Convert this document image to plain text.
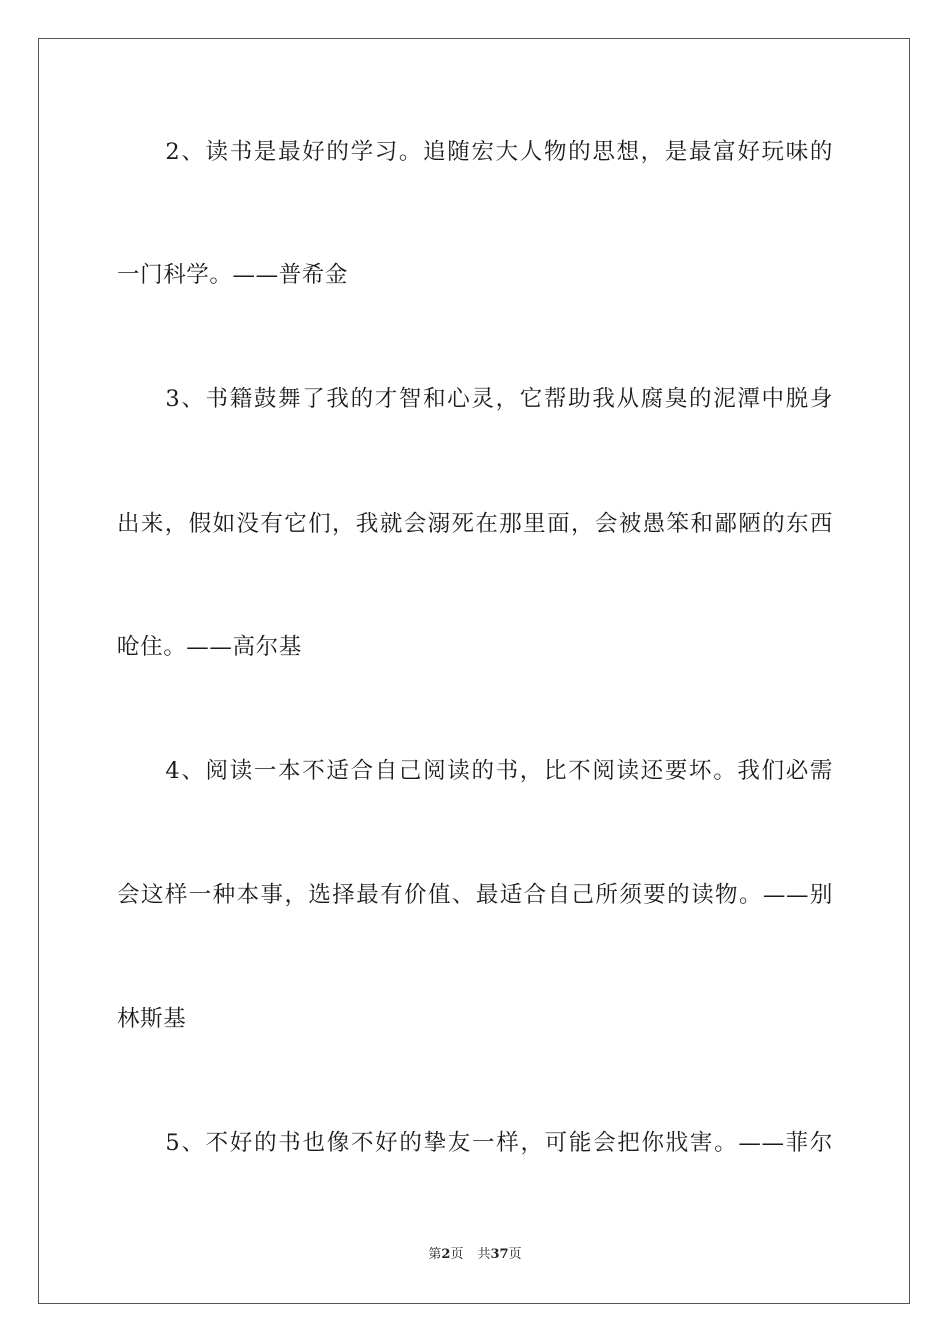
　　2、读书是最好的学习。追随宏大人物的思想，是最富好玩味的
一门科学。——普希金
　　3、书籍鼓舞了我的才智和心灵，它帮助我从腐臭的泥潭中脱身
出来，假如没有它们，我就会溺死在那里面，会被愚笨和鄙陋的东西
呛住。——高尔基
　　4、阅读一本不适合自己阅读的书，比不阅读还要坏。我们必需
会这样一种本事，选择最有价值、最适合自己所须要的读物。——别
林斯基
　　5、不好的书也像不好的挚友一样，可能会把你戕害。——菲尔
第2页 共37页
